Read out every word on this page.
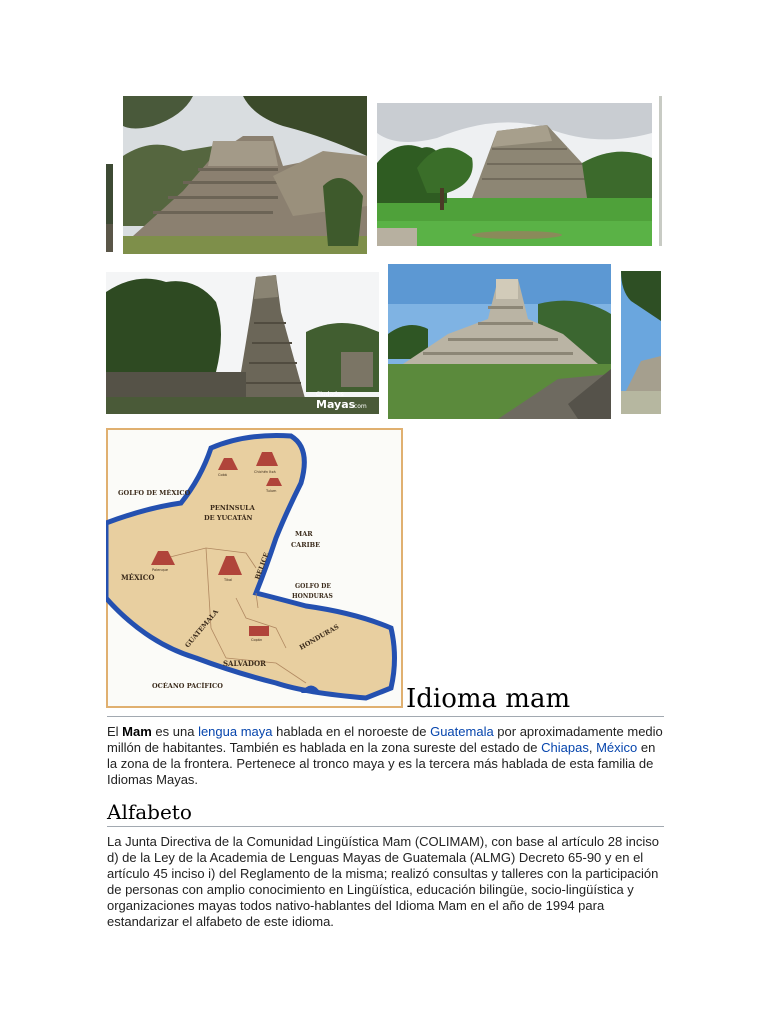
Ciudades
Mayas
.com
GOLFO DE MÉXICO
PENÍNSULA
DE YUCATÁN
MAR
CARIBE
MÉXICO	BELICE
GOLFO DE
HONDURAS
GUATEMALA	HONDURAS
SALVADOR
OCÉANO PACÍFICO
Cobá
Chichén Itzá
Tulum
Palenque
Tikal
Copán
Idioma mam

El Mam es una lengua maya hablada en el noroeste de Guatemala por aproximadamente medio millón de habitantes. También es hablada en la zona sureste del estado de Chiapas, México en la zona de la frontera. Pertenece al tronco maya y es la tercera más hablada de esta familia de Idiomas Mayas.

Alfabeto

La Junta Directiva de la Comunidad Lingüística Mam (COLIMAM), con base al artículo 28 inciso d) de la Ley de la Academia de Lenguas Mayas de Guatemala (ALMG) Decreto 65-90 y en el artículo 45 inciso i) del Reglamento de la misma; realizó consultas y talleres con la participación de personas con amplio conocimiento en Lingüística, educación bilingüe, socio-lingüística y organizaciones mayas todos nativo-hablantes del Idioma Mam en el año de 1994 para estandarizar el alfabeto de este idioma.
